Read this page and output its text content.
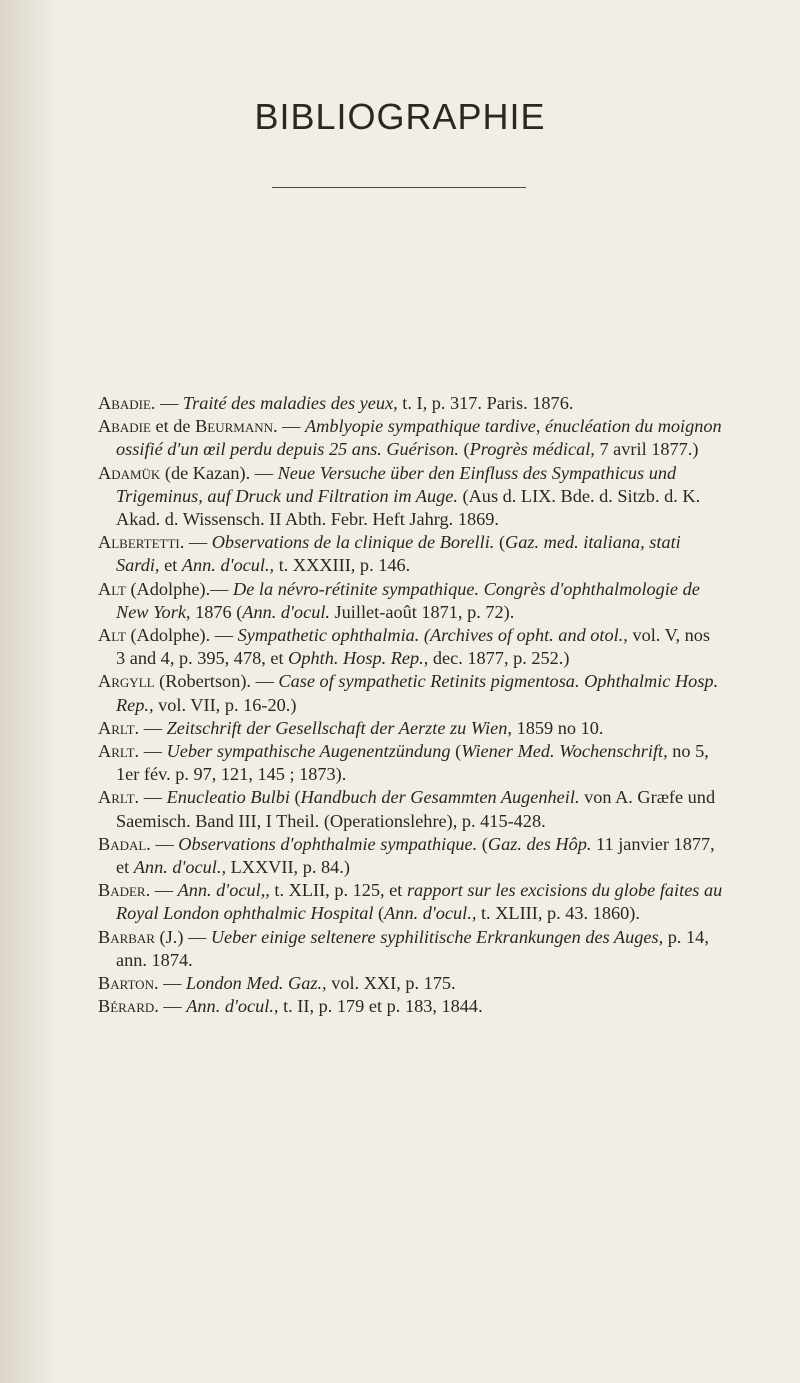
BIBLIOGRAPHIE

Abadie. — Traité des maladies des yeux, t. I, p. 317. Paris. 1876.

Abadie et de Beurmann. — Amblyopie sympathique tardive, énucléation du moignon ossifié d'un œil perdu depuis 25 ans. Guérison. (Progrès médical, 7 avril 1877.)

Adamük (de Kazan). — Neue Versuche über den Einfluss des Sympathicus und Trigeminus, auf Druck und Filtration im Auge. (Aus d. LIX. Bde. d. Sitzb. d. K. Akad. d. Wissensch. II Abth. Febr. Heft Jahrg. 1869.

Albertetti. — Observations de la clinique de Borelli. (Gaz. med. italiana, stati Sardi, et Ann. d'ocul., t. XXXIII, p. 146.

Alt (Adolphe).— De la névro-rétinite sympathique. Congrès d'ophthalmologie de New York, 1876 (Ann. d'ocul. Juillet-août 1871, p. 72).

Alt (Adolphe). — Sympathetic ophthalmia. (Archives of opht. and otol., vol. V, nos 3 and 4, p. 395, 478, et Ophth. Hosp. Rep., dec. 1877, p. 252.)

Argyll (Robertson). — Case of sympathetic Retinits pigmentosa. Ophthalmic Hosp. Rep., vol. VII, p. 16-20.)

Arlt. — Zeitschrift der Gesellschaft der Aerzte zu Wien, 1859 no 10.

Arlt. — Ueber sympathische Augenentzündung (Wiener Med. Wochenschrift, no 5, 1er fév. p. 97, 121, 145 ; 1873).

Arlt. — Enucleatio Bulbi (Handbuch der Gesammten Augenheil. von A. Græfe und Saemisch. Band III, I Theil. (Operationslehre), p. 415-428.

Badal. — Observations d'ophthalmie sympathique. (Gaz. des Hôp. 11 janvier 1877, et Ann. d'ocul., LXXVII, p. 84.)

Bader. — Ann. d'ocul,, t. XLII, p. 125, et rapport sur les excisions du globe faites au Royal London ophthalmic Hospital (Ann. d'ocul., t. XLIII, p. 43. 1860).

Barbar (J.) — Ueber einige seltenere syphilitische Erkrankungen des Auges, p. 14, ann. 1874.

Barton. — London Med. Gaz., vol. XXI, p. 175.

Bérard. — Ann. d'ocul., t. II, p. 179 et p. 183, 1844.
